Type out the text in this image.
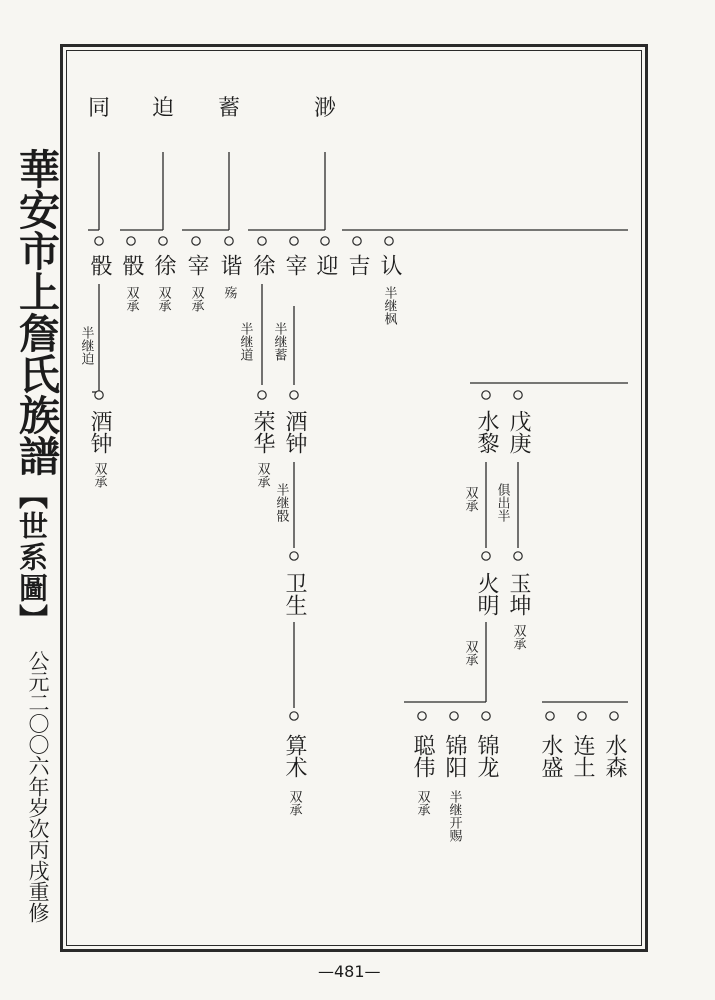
華安市上詹氏族譜
【世系圖】
公元二〇〇六年岁次丙戌重修
同 迫 蓄	渺
骰 骰
双承
徐
双承
宰
双承
谐
殇
徐 宰 迎 吉 认
半继枫
半继迫	半继道 半继蓄
半继骰	俱出半
酒钟
双承
荣华
双承
酒钟	水黎
双承
戊庚
卫生	火明
双承
玉坤
双承
算术
双承
聪伟
双承
锦阳
半继开赐
锦龙 水盛 连土 水森
—481—
